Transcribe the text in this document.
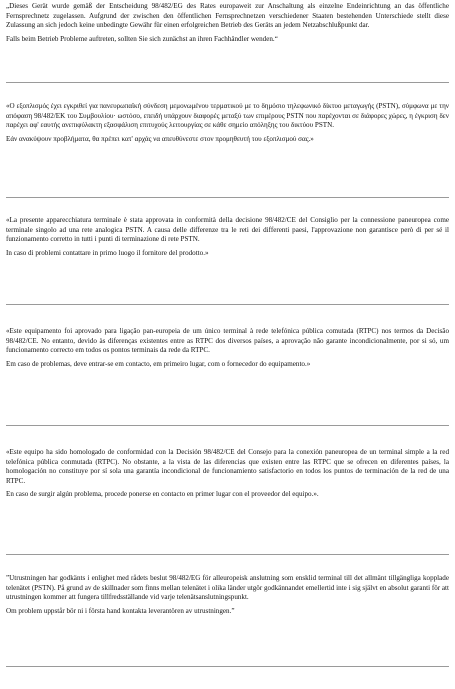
„Dieses Gerät wurde gemäß der Entscheidung 98/482/EG des Rates europaweit zur Anschaltung als einzelne Endeinrichtung an das öffentliche Fernsprechnetz zugelassen. Aufgrund der zwischen den öffentlichen Fernsprechnetzen verschiedener Staaten bestehenden Unterschiede stellt diese Zulassung an sich jedoch keine unbedingte Gewähr für einen erfolgreichen Betrieb des Geräts an jedem Netzabschlußpunkt dar.

Falls beim Betrieb Probleme auftreten, sollten Sie sich zunächst an ihren Fachhändler wenden.“

«Ο εξοπλισμός έχει εγκριθεί για πανευρωπαϊκή σύνδεση μεμονωμένου τερματικού με το δημόσιο τηλεφωνικό δίκτυο μεταγωγής (PSTN), σύμφωνα με την απόφαση 98/482/ΕΚ του Συμβουλίου· ωστόσο, επειδή υπάρχουν διαφορές μεταξύ των επιμέρους PSTN που παρέχονται σε διάφορες χώρες, η έγκριση δεν παρέχει αφ' εαυτής ανεπιφύλακτη εξασφάλιση επιτυχούς λειτουργίας σε κάθε σημείο απόληξης του δικτύου PSTN.

Εάν ανακύψουν προβλήματα, θα πρέπει κατ' αρχάς να απευθύνεστε στον προμηθευτή του εξοπλισμού σας.»

«La presente apparecchiatura terminale è stata approvata in conformità della decisione 98/482/CE del Consiglio per la connessione paneuropea come terminale singolo ad una rete analogica PSTN. A causa delle differenze tra le reti dei differenti paesi, l'approvazione non garantisce però di per sé il funzionamento corretto in tutti i punti di terminazione di rete PSTN.

In caso di problemi contattare in primo luogo il fornitore del prodotto.»

«Este equipamento foi aprovado para ligação pan-europeia de um único terminal à rede telefónica pública comutada (RTPC) nos termos da Decisão 98/482/CE. No entanto, devido às diferenças existentes entre as RTPC dos diversos países, a aprovação não garante incondicionalmente, por si só, um funcionamento correcto em todos os pontos terminais da rede da RTPC.

Em caso de problemas, deve entrar-se em contacto, em primeiro lugar, com o fornecedor do equipamento.»

«Este equipo ha sido homologado de conformidad con la Decisión 98/482/CE del Consejo para la conexión paneuropea de un terminal simple a la red telefónica pública conmutada (RTPC). No obstante, a la vista de las diferencias que existen entre las RTPC que se ofrecen en diferentes países, la homologación no constituye por sí sola una garantía incondicional de funcionamiento satisfactorio en todos los puntos de terminación de la red de una RTPC.

En caso de surgir algún problema, procede ponerse en contacto en primer lugar con el proveedor del equipo.».

”Utrustningen har godkänts i enlighet med rådets beslut 98/482/EG för alleuropeisk anslutning som ensklid terminal till det allmänt tillgängliga kopplade telenätet (PSTN). På grund av de skillnader som finns mellan telenätet i olika länder utgör godkännandet emellertid inte i sig självt en absolut garanti för att utrustningen kommer att fungera tillfredsställande vid varje telenätsanslutningspunkt.

Om problem uppstår bör ni i första hand kontakta leverantören av utrustningen.”
